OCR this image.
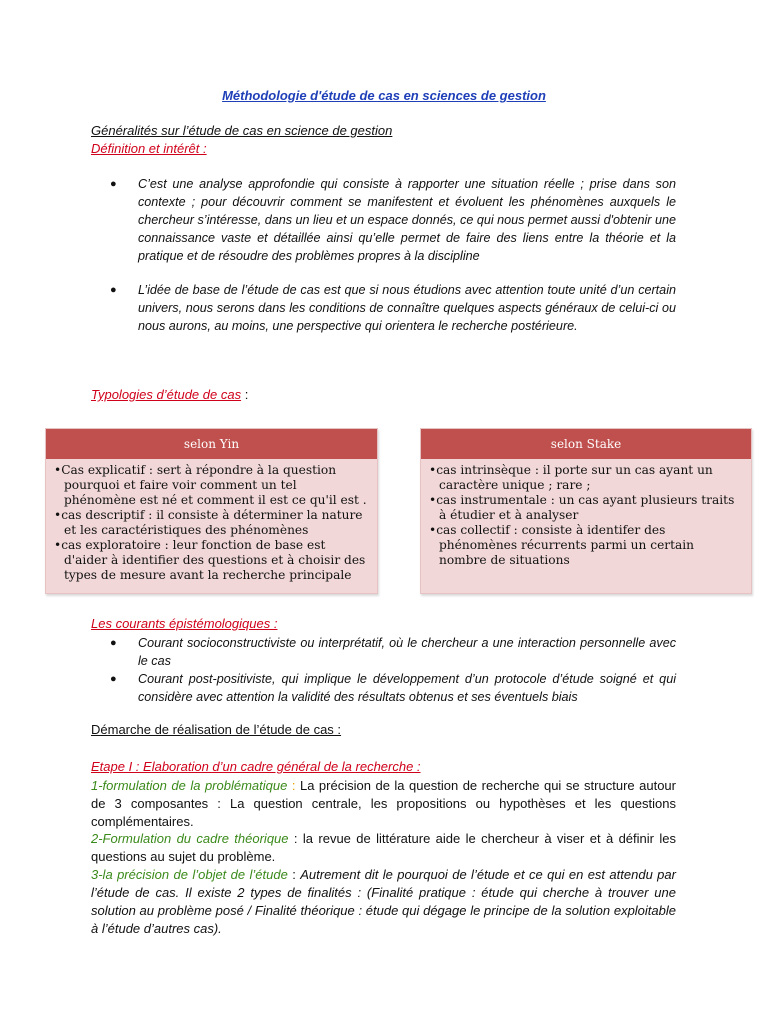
Méthodologie d'étude de cas en sciences de gestion
Généralités sur l’étude de cas en science de gestion
Définition et intérêt :
●	C’est une analyse approfondie qui consiste à rapporter une situation réelle ; prise dans son contexte ; pour découvrir comment se manifestent et évoluent les phénomènes auxquels le chercheur s’intéresse, dans un lieu et un espace donnés, ce qui nous permet aussi d'obtenir une connaissance vaste et détaillée ainsi qu’elle permet de faire des liens entre la théorie et la pratique et de résoudre des problèmes propres à la discipline
●	L’idée de base de l’étude de cas est que si nous étudions avec attention toute unité d’un certain univers, nous serons dans les conditions de connaître quelques aspects généraux de celui-ci ou nous aurons, au moins, une perspective qui orientera le recherche postérieure.
Typologies d’étude de cas :
selon Yin

•Cas explicatif : sert à répondre à la question pourquoi et faire voir comment un tel phénomène est né et comment il est ce qu'il est .

•cas descriptif : il consiste à déterminer la nature et les caractéristiques des phénomènes

•cas exploratoire : leur fonction de base est d'aider à identifier des questions et à choisir des types de mesure avant la recherche principale

selon Stake

•cas intrinsèque : il porte sur un cas ayant un caractère unique ; rare ;

•cas instrumentale : un cas ayant plusieurs traits à étudier et à analyser

•cas collectif : consiste à identifer des phénomènes récurrents parmi un certain nombre de situations

Les courants épistémologiques :
●	Courant socioconstructiviste ou interprétatif, où le chercheur a une interaction personnelle avec le cas
●	Courant post-positiviste, qui implique le développement d’un protocole d’étude soigné et qui considère avec attention la validité des résultats obtenus et ses éventuels biais
Démarche de réalisation de l’étude de cas :
Etape I : Elaboration d’un cadre général de la recherche :
1-formulation de la problématique : La précision de la question de recherche qui se structure autour de 3 composantes : La question centrale, les propositions ou hypothèses et les questions complémentaires.
2-Formulation du cadre théorique : la revue de littérature aide le chercheur à viser et à définir les questions au sujet du problème.
3-la précision de l’objet de l’étude : Autrement dit le pourquoi de l’étude et ce qui en est attendu par l’étude de cas. Il existe 2 types de finalités : (Finalité pratique : étude qui cherche à trouver une solution au problème posé / Finalité théorique : étude qui dégage le principe de la solution exploitable à l’étude d’autres cas).
